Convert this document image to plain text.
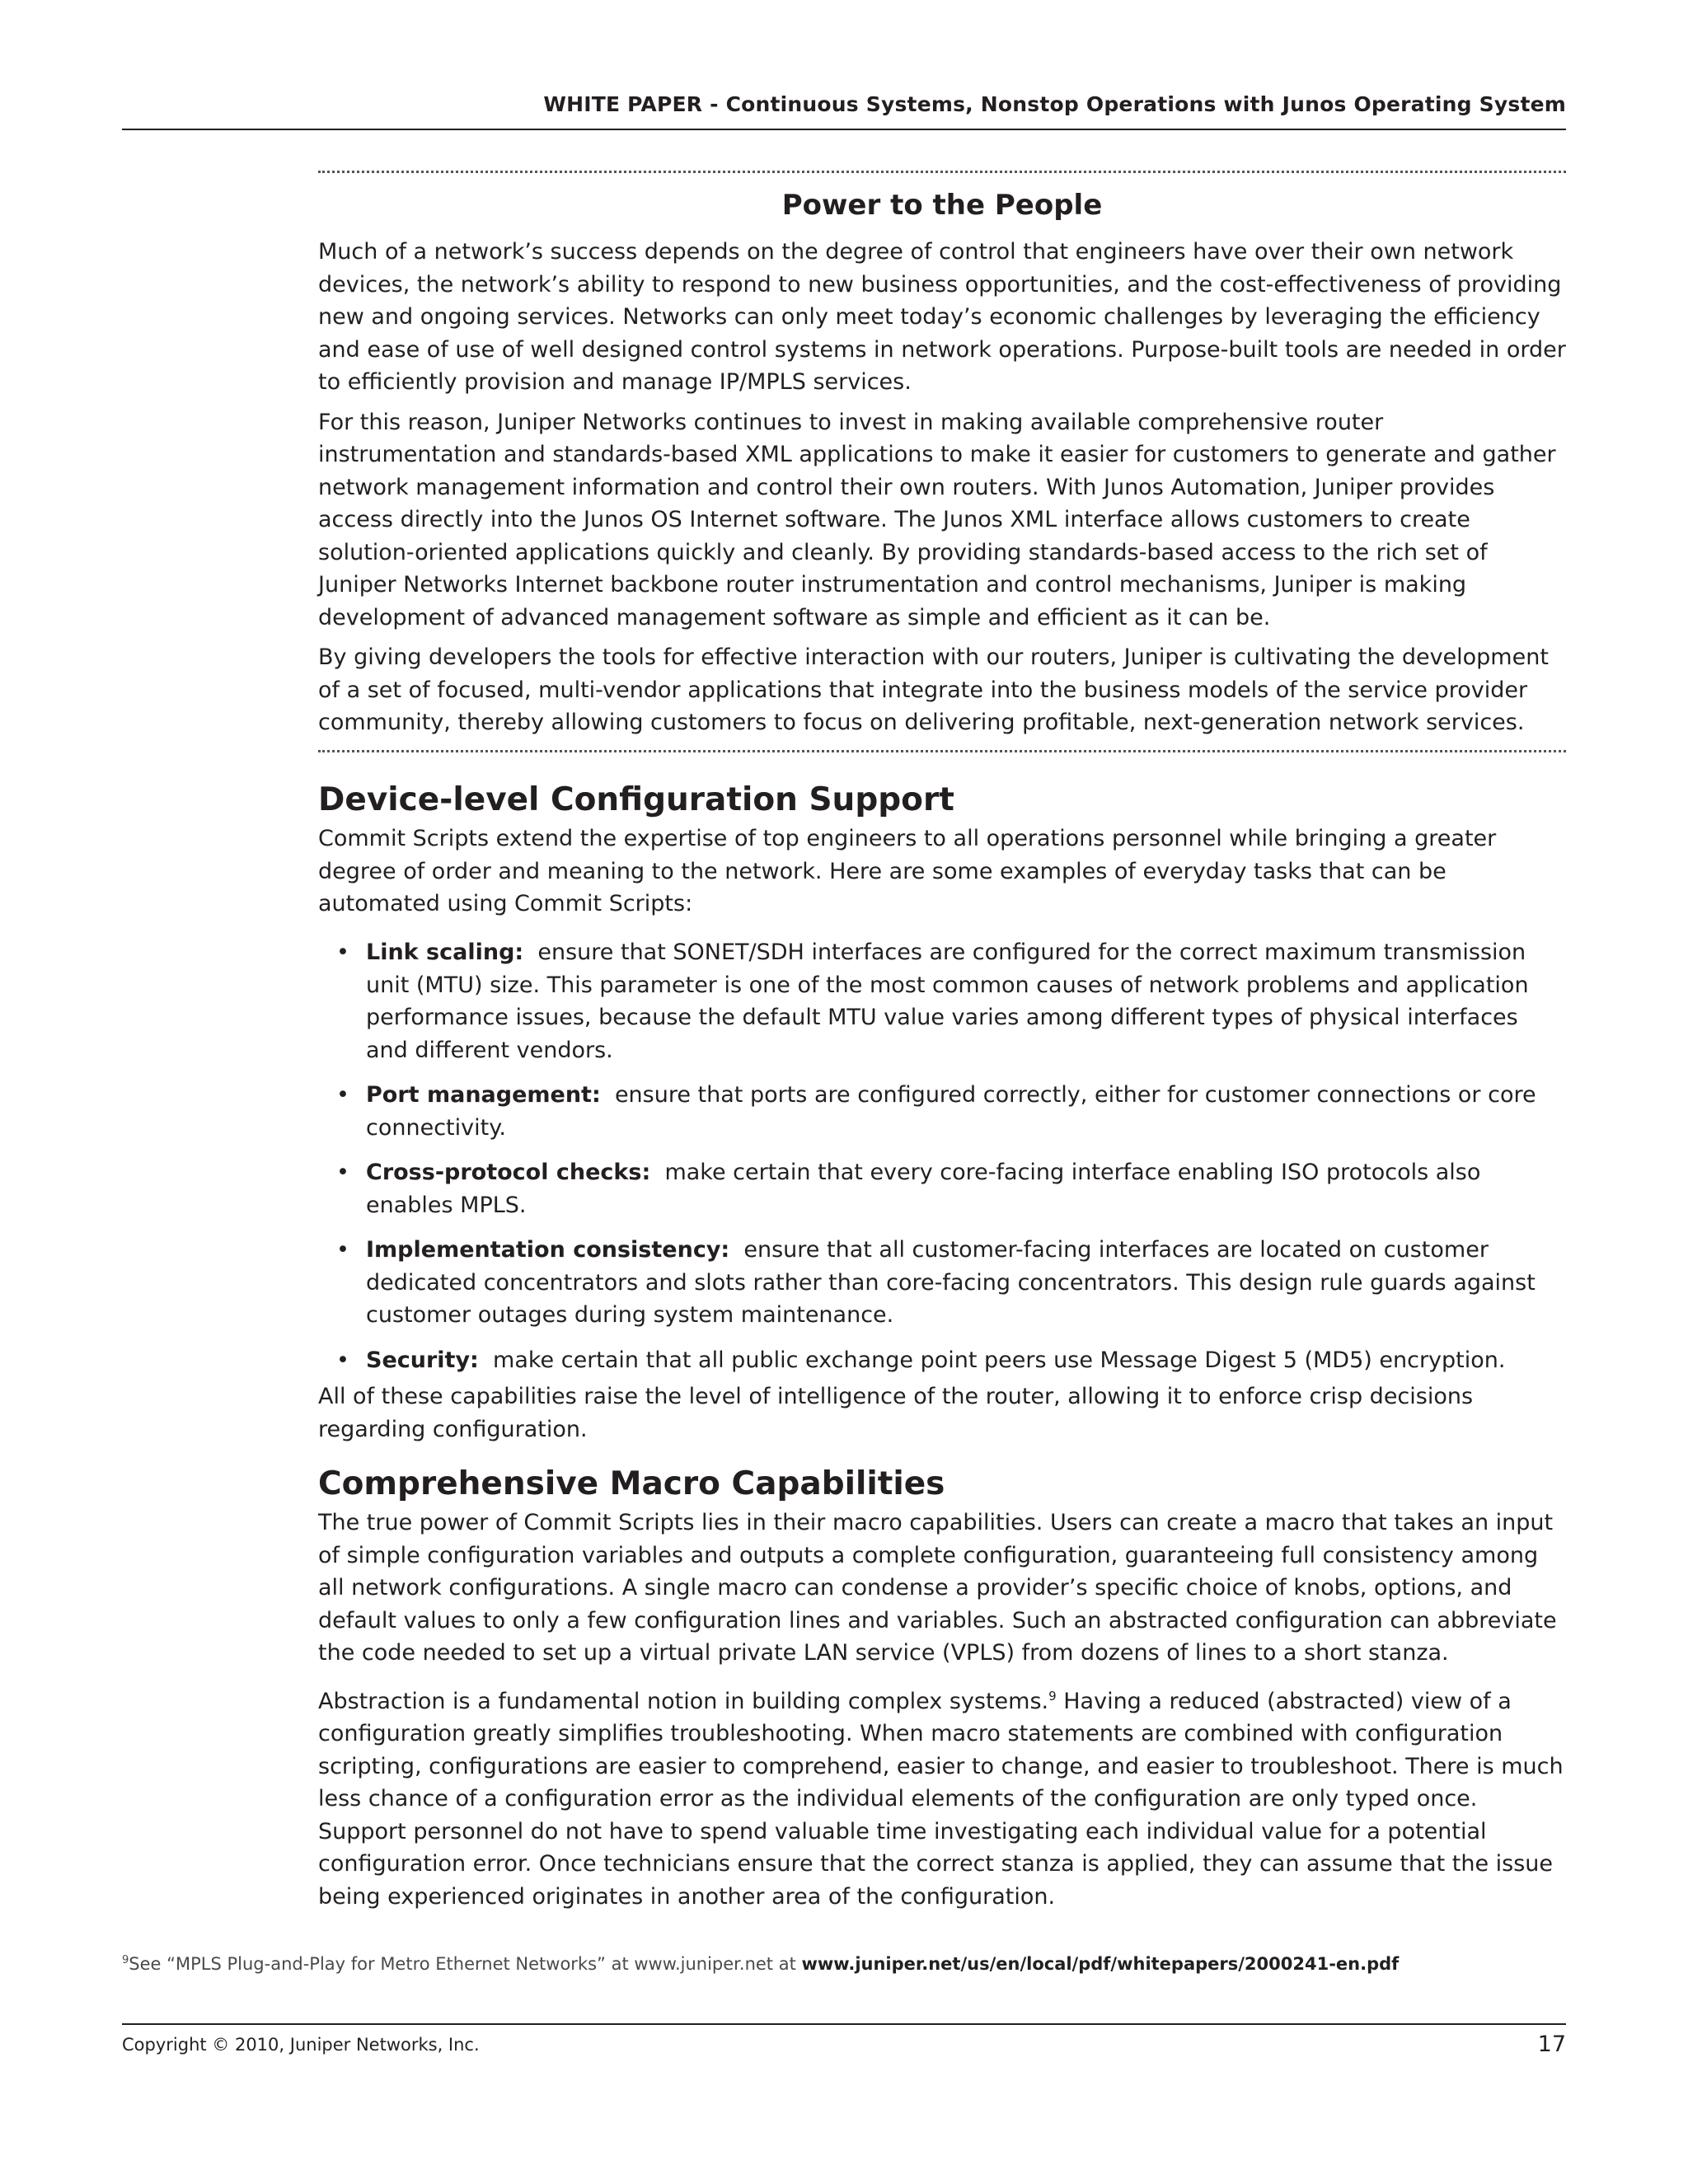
WHITE PAPER - Continuous Systems, Nonstop Operations with Junos Operating System
Power to the People

Much of a network’s success depends on the degree of control that engineers have over their own network devices, the network’s ability to respond to new business opportunities, and the cost-effectiveness of providing new and ongoing services. Networks can only meet today’s economic challenges by leveraging the efficiency and ease of use of well designed control systems in network operations. Purpose-built tools are needed in order to efficiently provision and manage IP/MPLS services.

For this reason, Juniper Networks continues to invest in making available comprehensive router instrumentation and standards-based XML applications to make it easier for customers to generate and gather network management information and control their own routers. With Junos Automation, Juniper provides access directly into the Junos OS Internet software. The Junos XML interface allows customers to create solution-oriented applications quickly and cleanly. By providing standards-based access to the rich set of Juniper Networks Internet backbone router instrumentation and control mechanisms, Juniper is making development of advanced management software as simple and efficient as it can be.

By giving developers the tools for effective interaction with our routers, Juniper is cultivating the development of a set of focused, multi-vendor applications that integrate into the business models of the service provider community, thereby allowing customers to focus on delivering profitable, next-generation network services.

Device-level Configuration Support

Commit Scripts extend the expertise of top engineers to all operations personnel while bringing a greater degree of order and meaning to the network. Here are some examples of everyday tasks that can be automated using Commit Scripts:

• Link scaling: ensure that SONET/SDH interfaces are configured for the correct maximum transmission unit (MTU) size. This parameter is one of the most common causes of network problems and application performance issues, because the default MTU value varies among different types of physical interfaces and different vendors.
• Port management: ensure that ports are configured correctly, either for customer connections or core connectivity.
• Cross-protocol checks: make certain that every core-facing interface enabling ISO protocols also enables MPLS.
• Implementation consistency: ensure that all customer-facing interfaces are located on customer dedicated concentrators and slots rather than core-facing concentrators. This design rule guards against customer outages during system maintenance.
• Security: make certain that all public exchange point peers use Message Digest 5 (MD5) encryption.

All of these capabilities raise the level of intelligence of the router, allowing it to enforce crisp decisions regarding configuration.

Comprehensive Macro Capabilities

The true power of Commit Scripts lies in their macro capabilities. Users can create a macro that takes an input of simple configuration variables and outputs a complete configuration, guaranteeing full consistency among all network configurations. A single macro can condense a provider’s specific choice of knobs, options, and default values to only a few configuration lines and variables. Such an abstracted configuration can abbreviate the code needed to set up a virtual private LAN service (VPLS) from dozens of lines to a short stanza.

Abstraction is a fundamental notion in building complex systems.$^9$ Having a reduced (abstracted) view of a configuration greatly simplifies troubleshooting. When macro statements are combined with configuration scripting, configurations are easier to comprehend, easier to change, and easier to troubleshoot. There is much less chance of a configuration error as the individual elements of the configuration are only typed once. Support personnel do not have to spend valuable time investigating each individual value for a potential configuration error. Once technicians ensure that the correct stanza is applied, they can assume that the issue being experienced originates in another area of the configuration.

$^9$See “MPLS Plug-and-Play for Metro Ethernet Networks” at www.juniper.net at www.juniper.net/us/en/local/pdf/whitepapers/2000241-en.pdf
Copyright © 2010, Juniper Networks, Inc.	17
